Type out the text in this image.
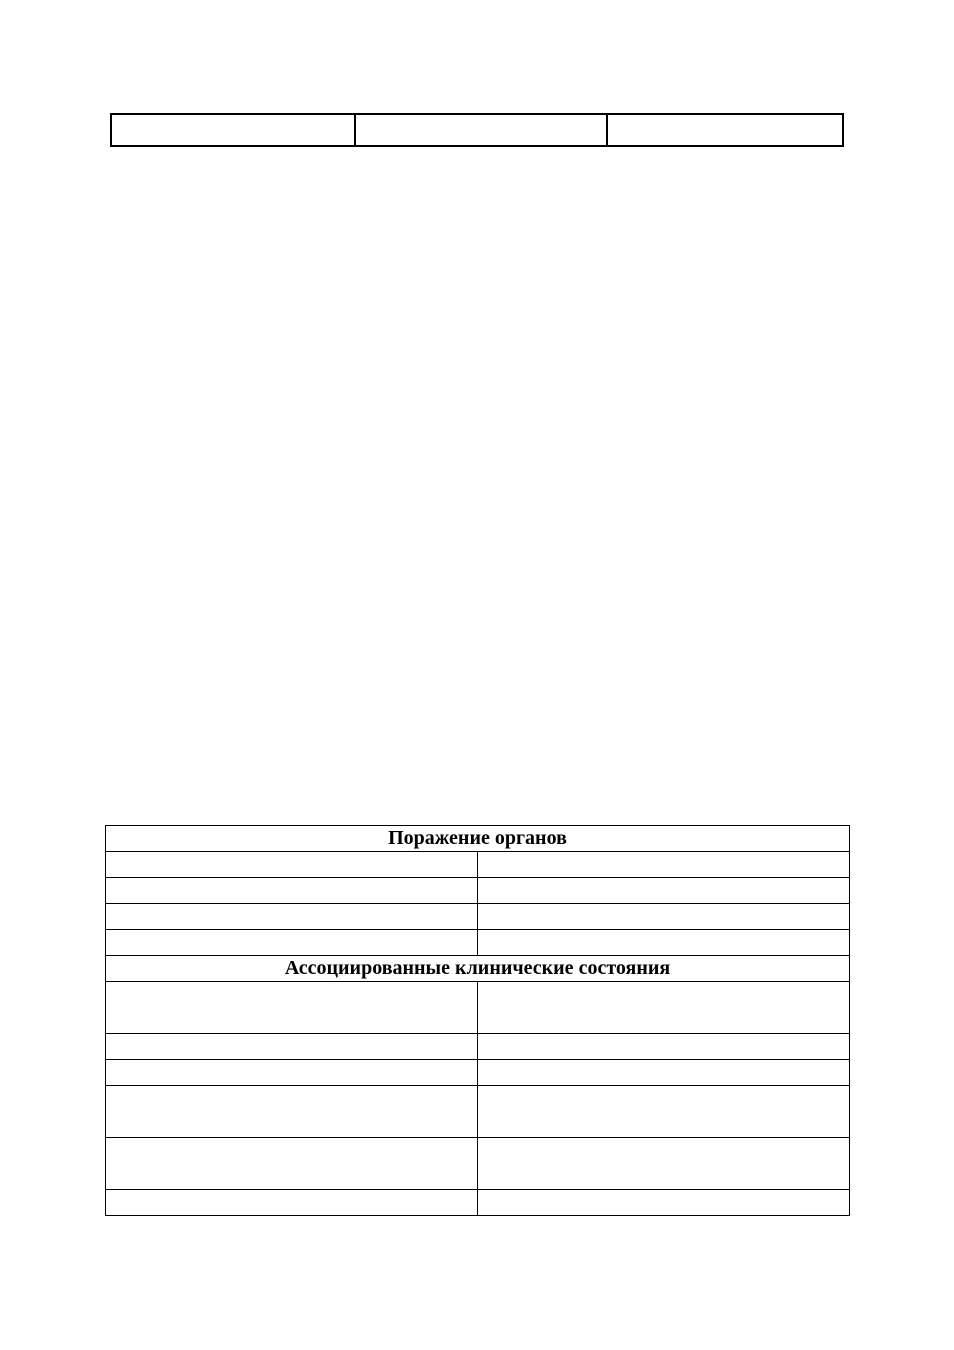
Поражение органов	

Ассоциированные клинические состояния	
